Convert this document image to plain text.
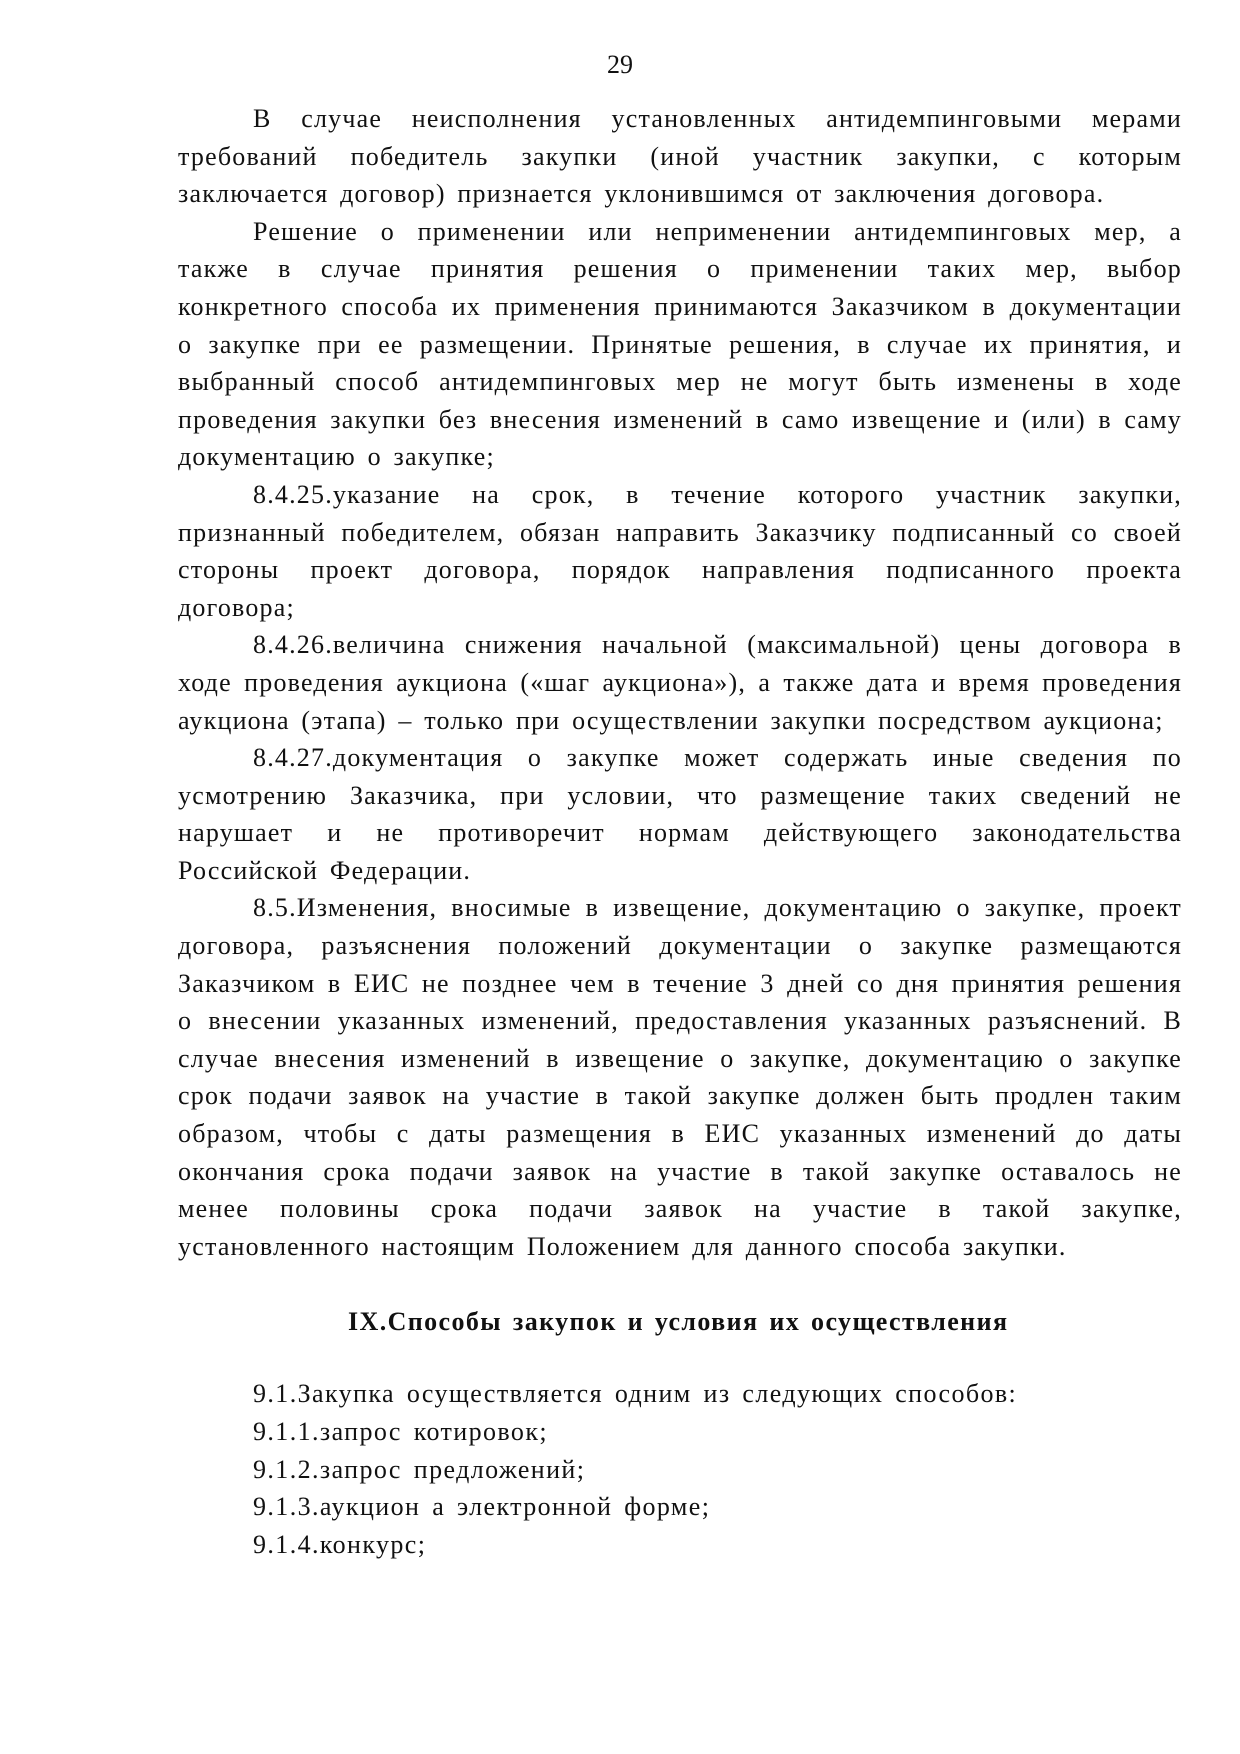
29

В случае неисполнения установленных антидемпинговыми мерами требований победитель закупки (иной участник закупки, с которым заключается договор) признается уклонившимся от заключения договора.

Решение о применении или неприменении антидемпинговых мер, а также в случае принятия решения о применении таких мер, выбор конкретного способа их применения принимаются Заказчиком в документации о закупке при ее размещении. Принятые решения, в случае их принятия, и выбранный способ антидемпинговых мер не могут быть изменены в ходе проведения закупки без внесения изменений в само извещение и (или) в саму документацию о закупке;

8.4.25.указание на срок, в течение которого участник закупки, признанный победителем, обязан направить Заказчику подписанный со своей стороны проект договора, порядок направления подписанного проекта договора;

8.4.26.величина снижения начальной (максимальной) цены договора в ходе проведения аукциона («шаг аукциона»), а также дата и время проведения аукциона (этапа) – только при осуществлении закупки посредством аукциона;

8.4.27.документация о закупке может содержать иные сведения по усмотрению Заказчика, при условии, что размещение таких сведений не нарушает и не противоречит нормам действующего законодательства Российской Федерации.

8.5.Изменения, вносимые в извещение, документацию о закупке, проект договора, разъяснения положений документации о закупке размещаются Заказчиком в ЕИС не позднее чем в течение 3 дней со дня принятия решения о внесении указанных изменений, предоставления указанных разъяснений. В случае внесения изменений в извещение о закупке, документацию о закупке срок подачи заявок на участие в такой закупке должен быть продлен таким образом, чтобы с даты размещения в ЕИС указанных изменений до даты окончания срока подачи заявок на участие в такой закупке оставалось не менее половины срока подачи заявок на участие в такой закупке, установленного настоящим Положением для данного способа закупки.

IX.Способы закупок и условия их осуществления

9.1.Закупка осуществляется одним из следующих способов:

9.1.1.запрос котировок;

9.1.2.запрос предложений;

9.1.3.аукцион а электронной форме;

9.1.4.конкурс;
